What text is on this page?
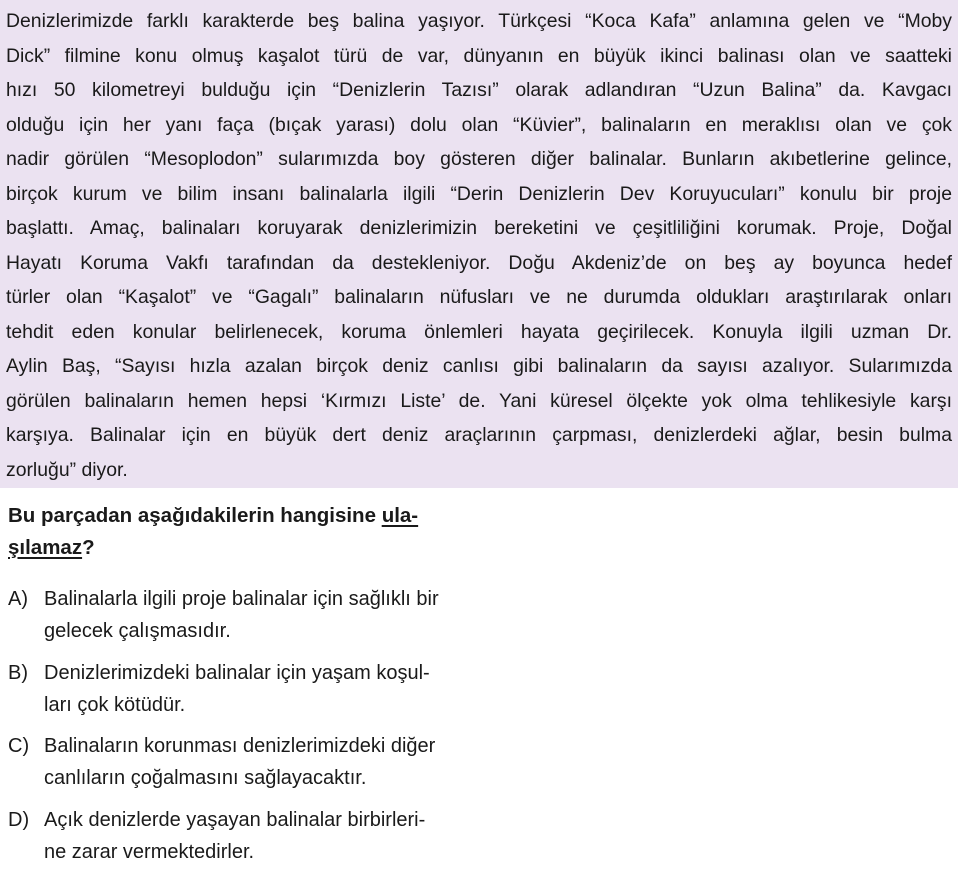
Denizlerimizde farklı karakterde beş balina yaşıyor. Türkçesi “Koca Kafa” anlamına gelen ve “Moby
Dick” filmine konu olmuş kaşalot türü de var, dünyanın en büyük ikinci balinası olan ve saatteki
hızı 50 kilometreyi bulduğu için “Denizlerin Tazısı” olarak adlandıran “Uzun Balina” da. Kavgacı
olduğu için her yanı faça (bıçak yarası) dolu olan “Küvier”, balinaların en meraklısı olan ve çok
nadir görülen “Mesoplodon” sularımızda boy gösteren diğer balinalar. Bunların akıbetlerine gelince,
birçok kurum ve bilim insanı balinalarla ilgili “Derin Denizlerin Dev Koruyucuları” konulu bir proje
başlattı. Amaç, balinaları koruyarak denizlerimizin bereketini ve çeşitliliğini korumak. Proje, Doğal
Hayatı Koruma Vakfı tarafından da destekleniyor. Doğu Akdeniz’de on beş ay boyunca hedef
türler olan “Kaşalot” ve “Gagalı” balinaların nüfusları ve ne durumda oldukları araştırılarak onları
tehdit eden konular belirlenecek, koruma önlemleri hayata geçirilecek. Konuyla ilgili uzman Dr.
Aylin Baş, “Sayısı hızla azalan birçok deniz canlısı gibi balinaların da sayısı azalıyor. Sularımızda
görülen balinaların hemen hepsi ‘Kırmızı Liste’ de. Yani küresel ölçekte yok olma tehlikesiyle karşı
karşıya. Balinalar için en büyük dert deniz araçlarının çarpması, denizlerdeki ağlar, besin bulma
zorluğu” diyor.
Bu parçadan aşağıdakilerin hangisine ula-
şılamaz?
A) Balinalarla ilgili proje balinalar için sağlıklı bir
gelecek çalışmasıdır.
B) Denizlerimizdeki balinalar için yaşam koşul-
ları çok kötüdür.
C) Balinaların korunması denizlerimizdeki diğer
canlıların çoğalmasını sağlayacaktır.
D) Açık denizlerde yaşayan balinalar birbirleri-
ne zarar vermektedirler.
